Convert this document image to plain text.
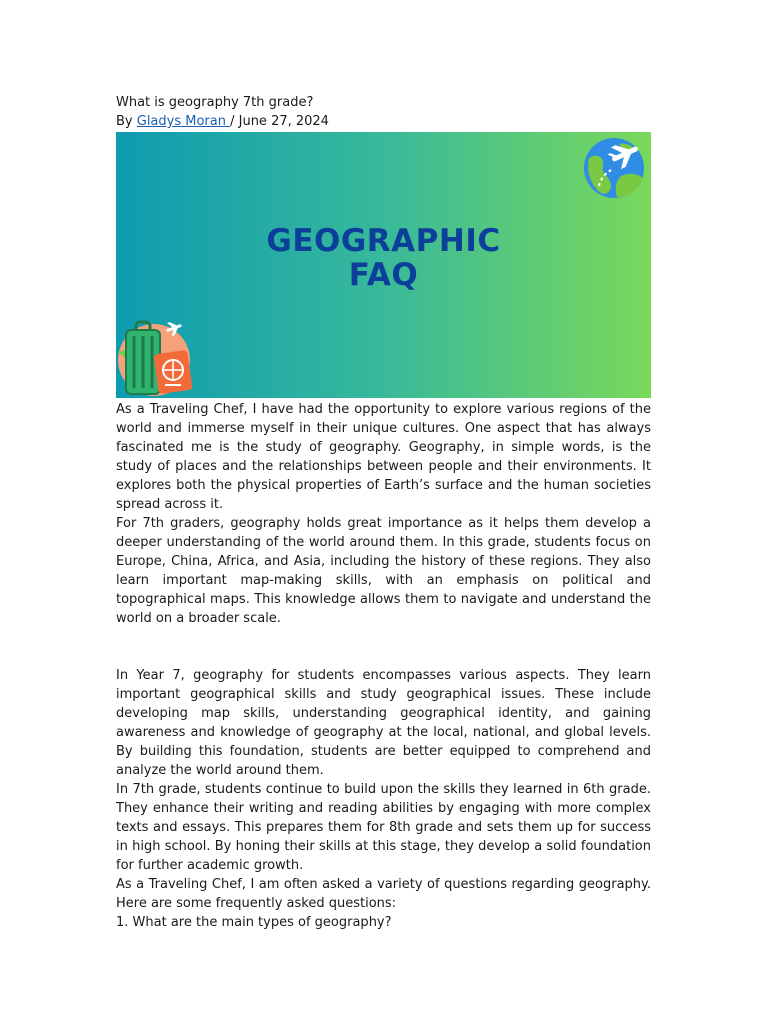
What is geography 7th grade?
By Gladys Moran / June 27, 2024
GEOGRAPHIC
FAQ

As a Traveling Chef, I have had the opportunity to explore various regions of the world and immerse myself in their unique cultures. One aspect that has always fascinated me is the study of geography. Geography, in simple words, is the study of places and the relationships between people and their environments. It explores both the physical properties of Earth’s surface and the human societies spread across it.

For 7th graders, geography holds great importance as it helps them develop a deeper understanding of the world around them. In this grade, students focus on Europe, China, Africa, and Asia, including the history of these regions. They also learn important map-making skills, with an emphasis on political and topographical maps. This knowledge allows them to navigate and understand the world on a broader scale.

In Year 7, geography for students encompasses various aspects. They learn important geographical skills and study geographical issues. These include developing map skills, understanding geographical identity, and gaining awareness and knowledge of geography at the local, national, and global levels. By building this foundation, students are better equipped to comprehend and analyze the world around them.

In 7th grade, students continue to build upon the skills they learned in 6th grade. They enhance their writing and reading abilities by engaging with more complex texts and essays. This prepares them for 8th grade and sets them up for success in high school. By honing their skills at this stage, they develop a solid foundation for further academic growth.

As a Traveling Chef, I am often asked a variety of questions regarding geography. Here are some frequently asked questions:

1. What are the main types of geography?
